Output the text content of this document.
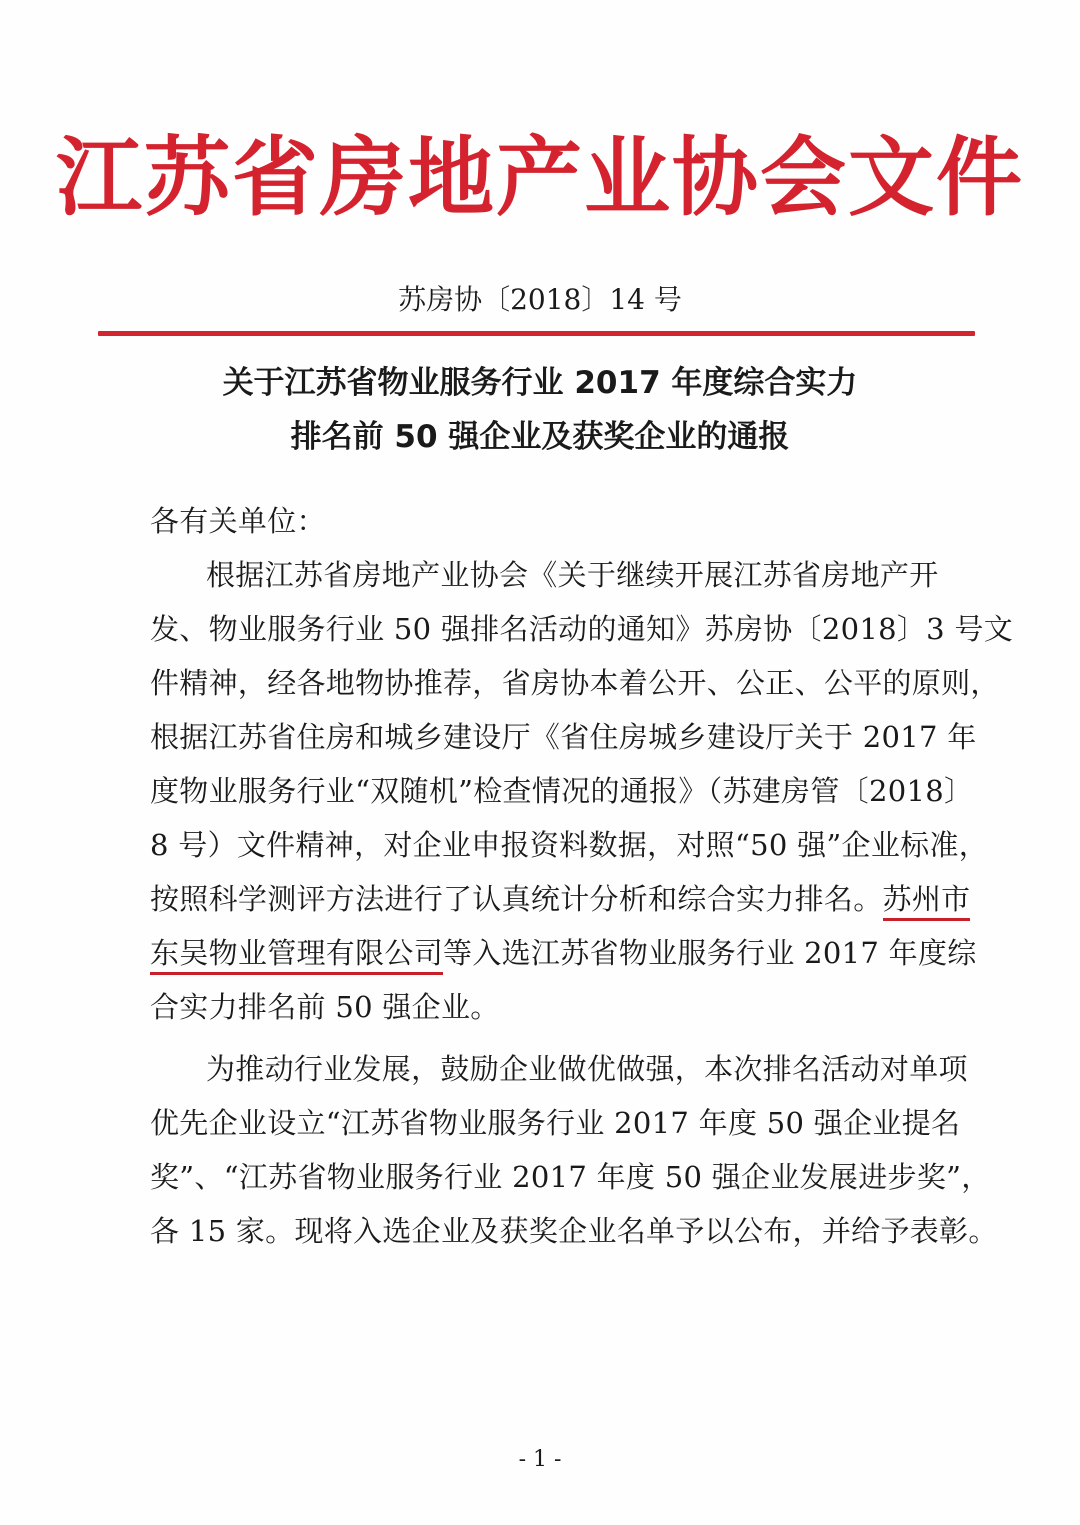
江苏省房地产业协会文件
苏房协〔2018〕14 号
关于江苏省物业服务行业 2017 年度综合实力
排名前 50 强企业及获奖企业的通报
各有关单位：
根据江苏省房地产业协会《关于继续开展江苏省房地产开
发、物业服务行业 50 强排名活动的通知》苏房协〔2018〕3 号文
件精神，经各地物协推荐，省房协本着公开、公正、公平的原则，
根据江苏省住房和城乡建设厅《省住房城乡建设厅关于 2017 年
度物业服务行业“双随机”检查情况的通报》（苏建房管〔2018〕
8 号）文件精神，对企业申报资料数据，对照“50 强”企业标准，
按照科学测评方法进行了认真统计分析和综合实力排名。苏州市
东吴物业管理有限公司等入选江苏省物业服务行业 2017 年度综
合实力排名前 50 强企业。
为推动行业发展，鼓励企业做优做强，本次排名活动对单项
优先企业设立“江苏省物业服务行业 2017 年度 50 强企业提名
奖”、“江苏省物业服务行业 2017 年度 50 强企业发展进步奖”，
各 15 家。现将入选企业及获奖企业名单予以公布，并给予表彰。
- 1 -
